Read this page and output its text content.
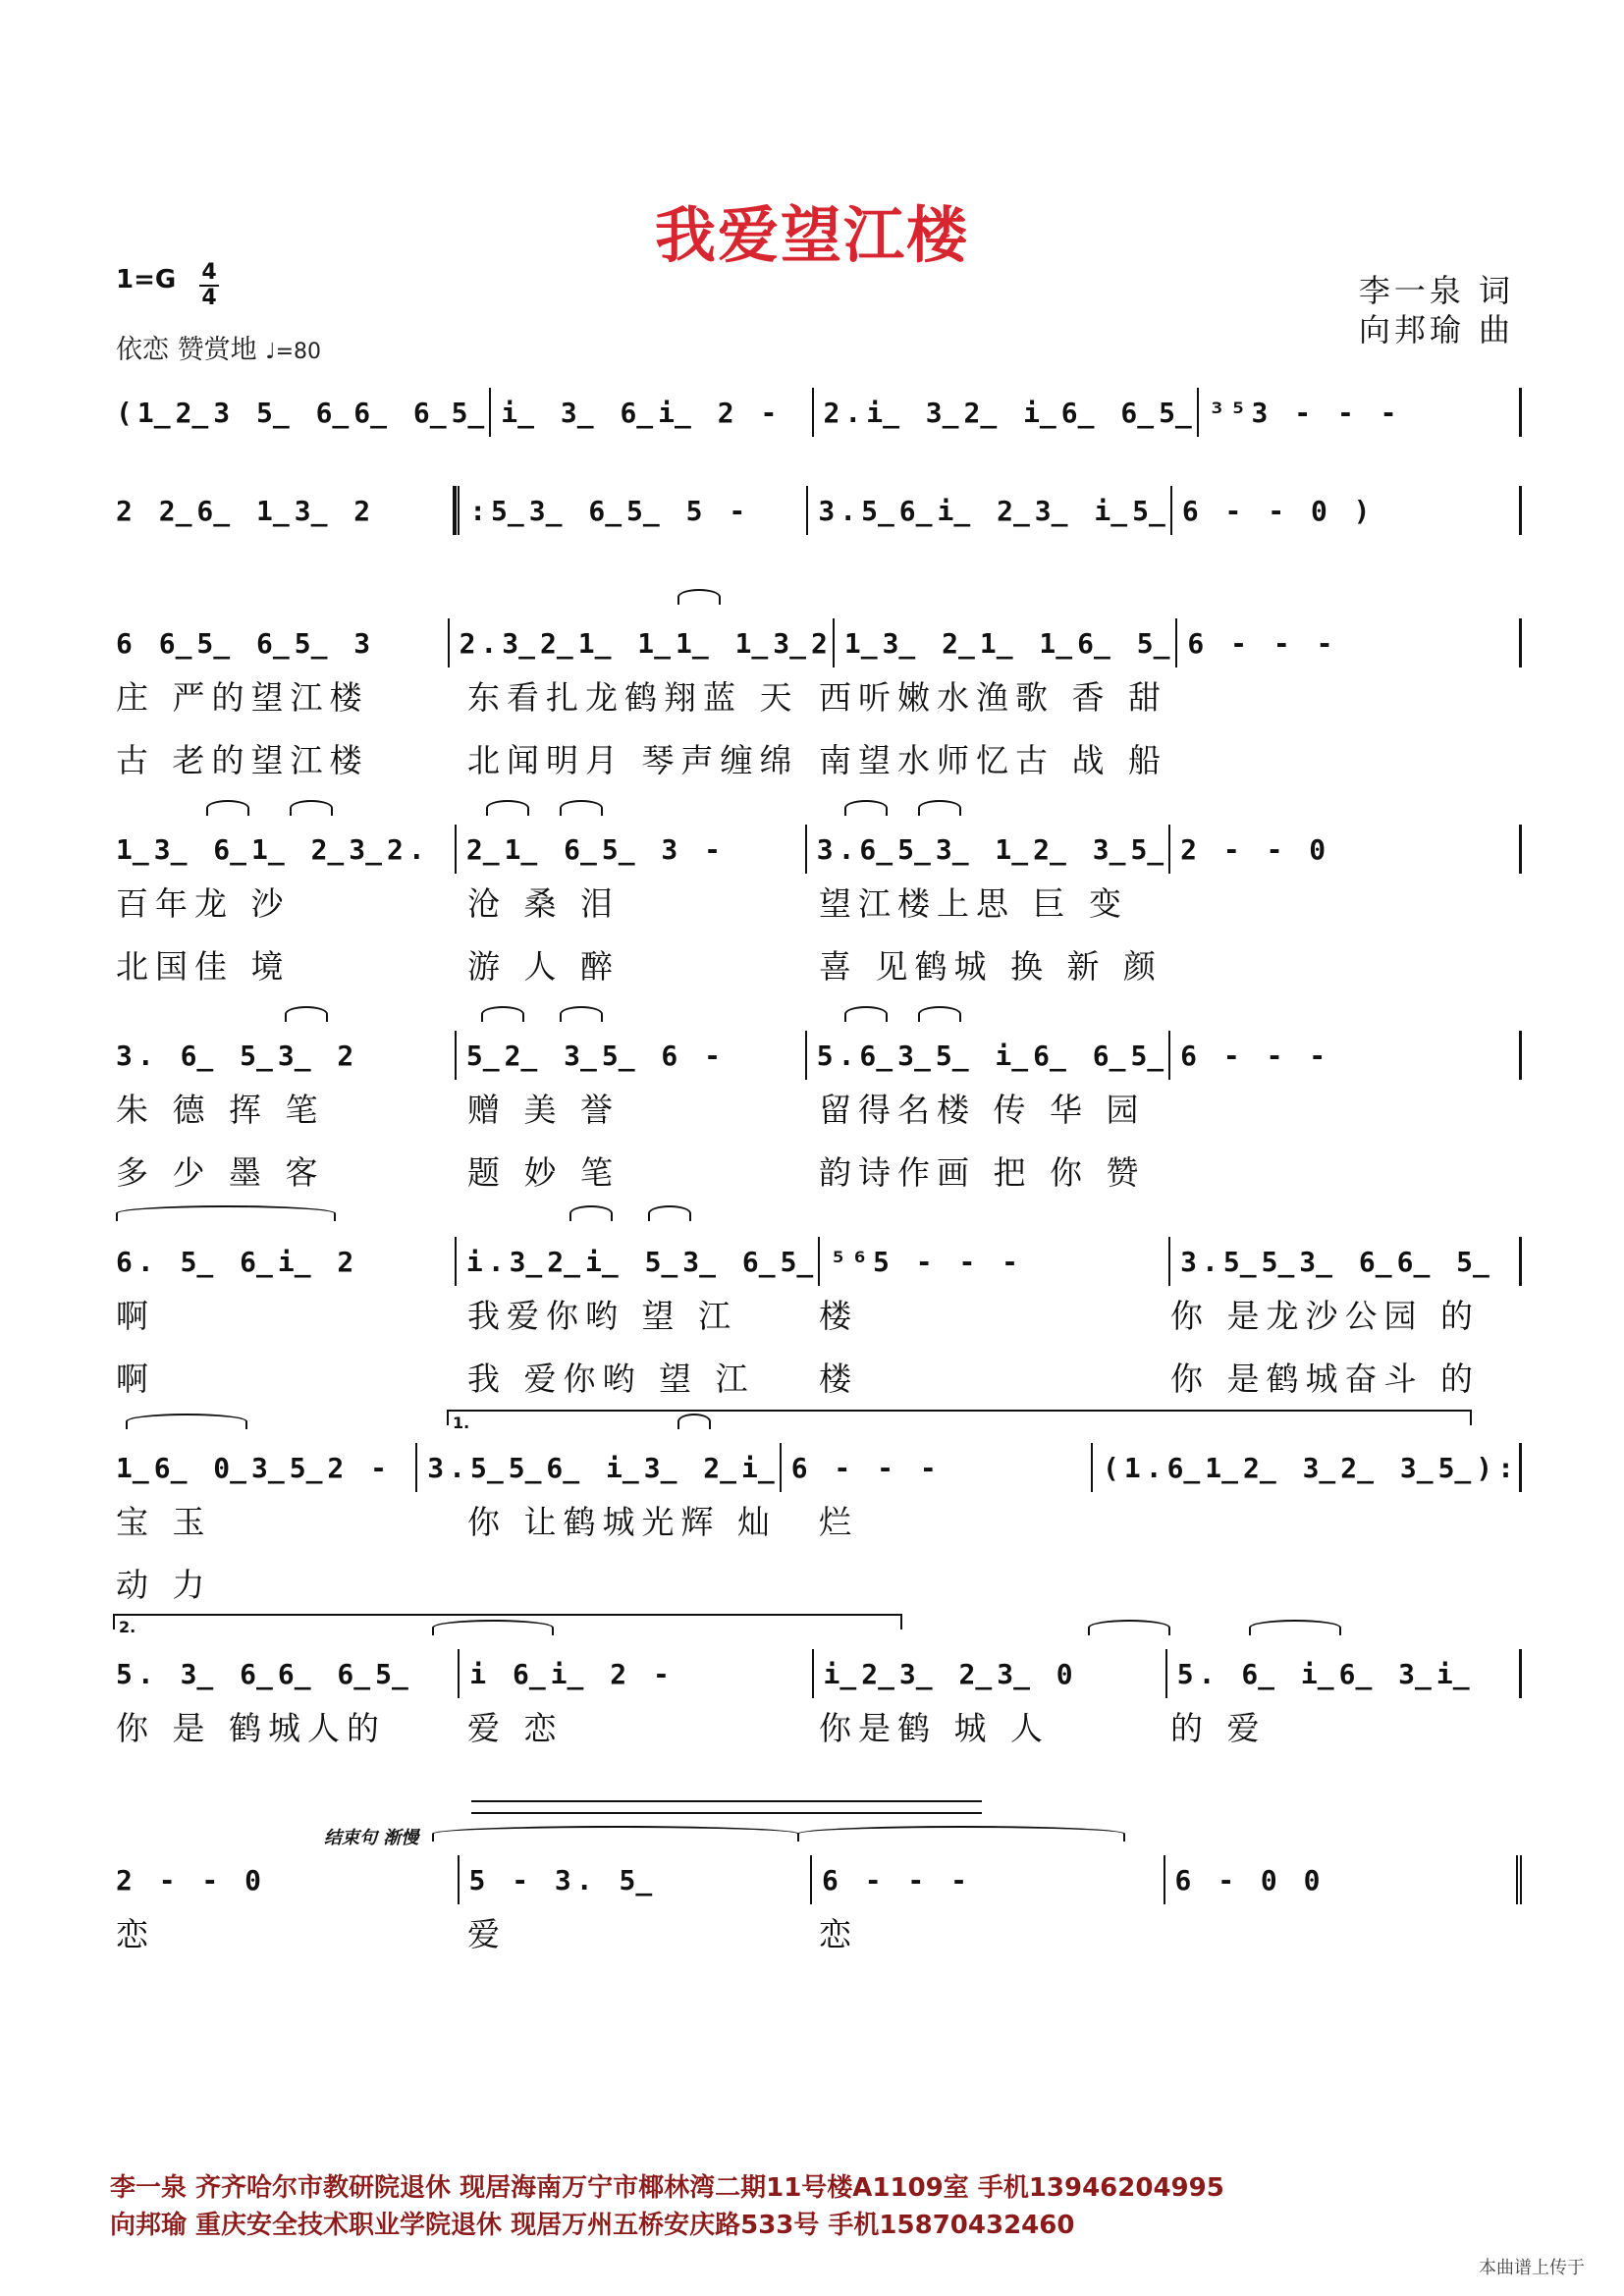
我爱望江楼
1=G 4
4
依恋 赞赏地 ♩=80
李一泉 词
向邦瑜 曲
(1̲2̲3 5̲ 6̲6̲ 6̲5̲ i̲ 3̲ 6̲i̲ 2 -	2.i̲ 3̲2̲ i̲6̲ 6̲5̲ ³⁵3 - - -
2 2̲6̲ 1̲3̲ 2	:5̲3̲ 6̲5̲ 5 -	3.5̲6̲i̲ 2̲3̲ i̲5̲ 6 - - 0 )
6 6̲5̲ 6̲5̲ 3	2.3̲2̲1̲ 1̲1̲ 1̲3̲2 1̲3̲ 2̲1̲ 1̲6̲ 5̲ 6 - - -
庄 严的望江楼	东看扎龙鹤翔蓝 天 西听嫩水渔歌 香 甜
古 老的望江楼	北闻明月 琴声缠绵 南望水师忆古 战 船
1̲3̲ 6̲1̲ 2̲3̲2.	2̲1̲ 6̲5̲ 3 -	3.6̲5̲3̲ 1̲2̲ 3̲5̲ 2 - - 0
百年龙 沙	沧 桑 泪	望江楼上思 巨 变
北国佳 境	游 人 醉	喜 见鹤城 换 新 颜
3. 6̲ 5̲3̲ 2	5̲2̲ 3̲5̲ 6 -	5.6̲3̲5̲ i̲6̲ 6̲5̲ 6 - - -
朱 德 挥 笔	赠 美 誉	留得名楼 传 华 园
多 少 墨 客	题 妙 笔	韵诗作画 把 你 赞
6. 5̲ 6̲i̲ 2	i.3̲2̲i̲ 5̲3̲ 6̲5̲ ⁵⁶5 - - -	3.5̲5̲3̲ 6̲6̲ 5̲
啊	我爱你哟 望 江	楼	你 是龙沙公园 的
啊	我 爱你哟 望 江	楼	你 是鹤城奋斗 的
1̲6̲ 0̲3̲5̲2 -	3.5̲5̲6̲ i̲3̲ 2̲i̲ 6 - - -	(1.6̲1̲2̲ 3̲2̲ 3̲5̲):
宝 玉	你 让鹤城光辉 灿	烂
动 力
5. 3̲ 6̲6̲ 6̲5̲	i 6̲i̲ 2 -	i̲2̲3̲ 2̲3̲ 0	5. 6̲ i̲6̲ 3̲i̲
你 是 鹤城人的	爱 恋	你是鹤 城 人	的 爱
2 - - 0	5 - 3. 5̲	6 - - -	6 - 0 0
恋	爱	恋
李一泉 齐齐哈尔市教研院退休 现居海南万宁市椰林湾二期11号楼A1109室 手机13946204995
向邦瑜 重庆安全技术职业学院退休 现居万州五桥安庆路533号 手机15870432460
本曲谱上传于
1.
2.
结束句 渐慢
